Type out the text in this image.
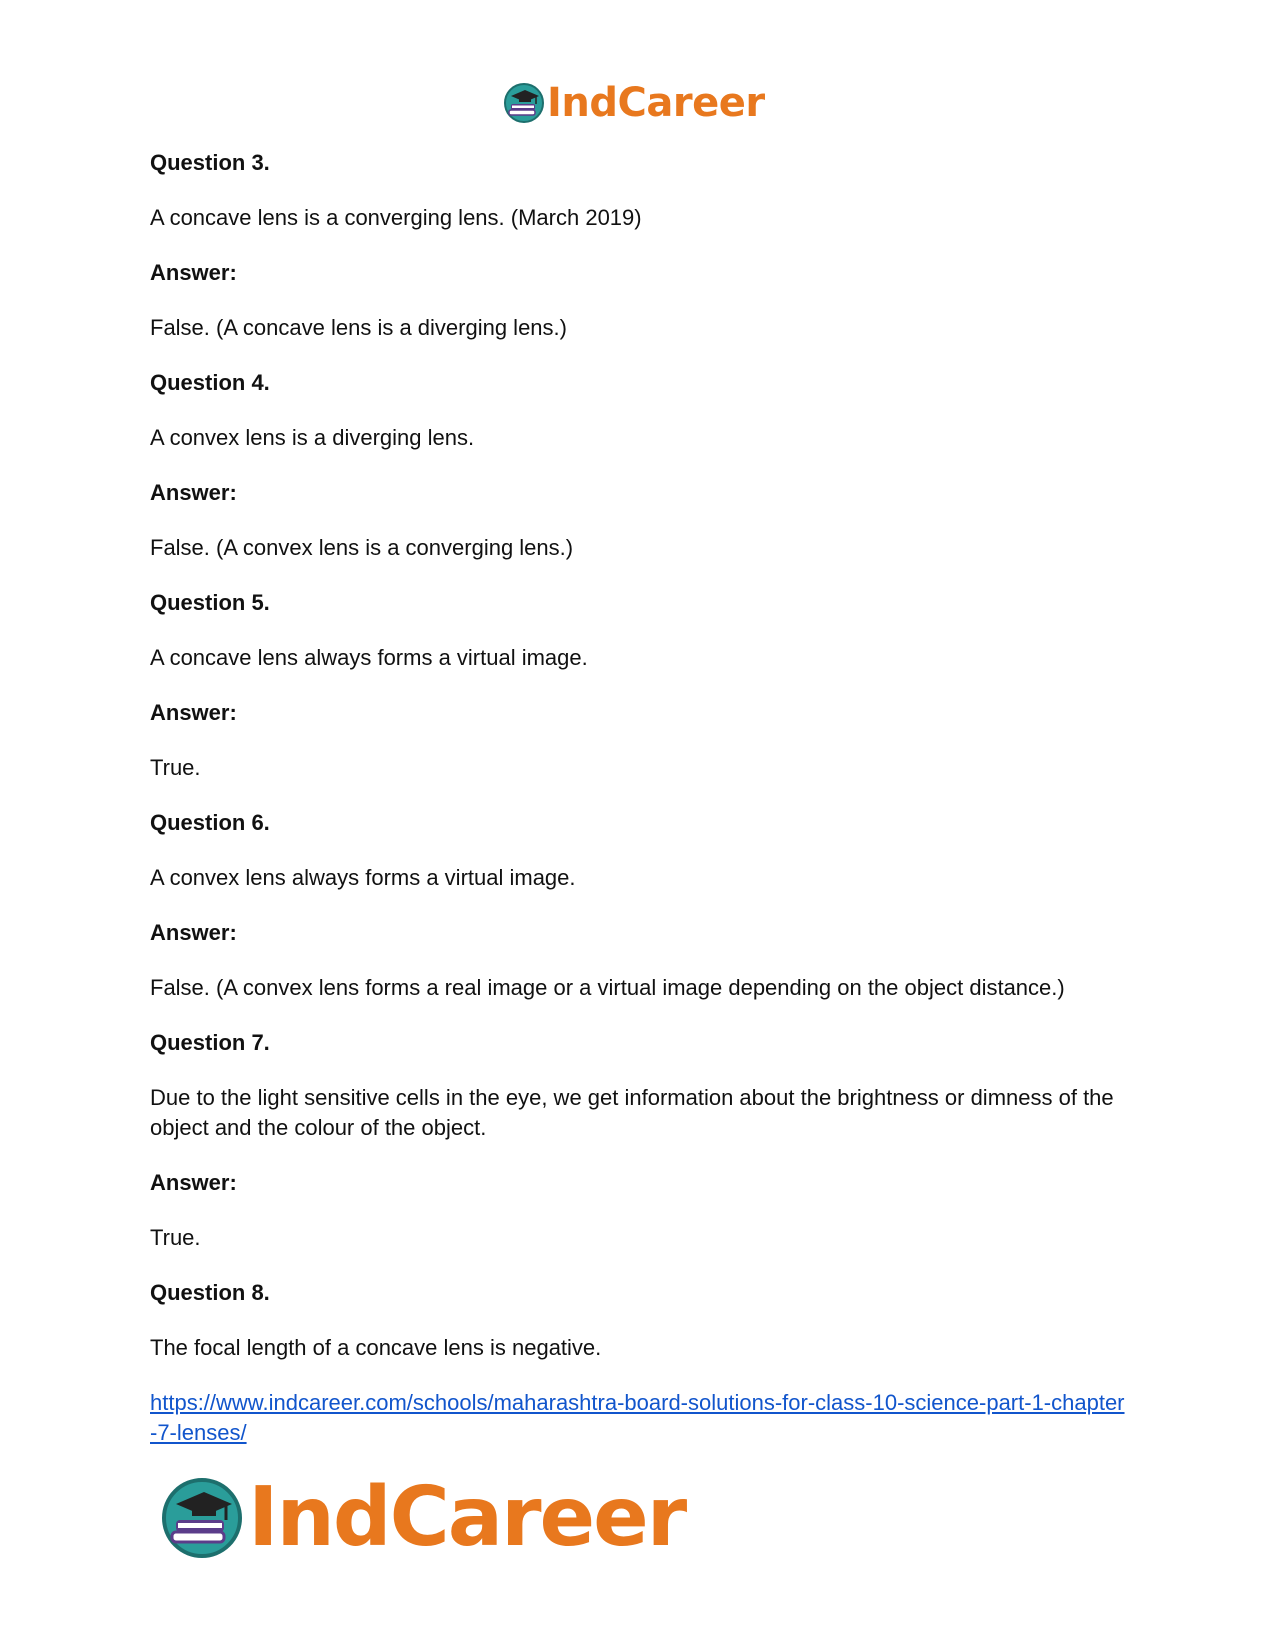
IndCareer

Question 3.

A concave lens is a converging lens. (March 2019)

Answer:

False. (A concave lens is a diverging lens.)

Question 4.

A convex lens is a diverging lens.

Answer:

False. (A convex lens is a converging lens.)

Question 5.

A concave lens always forms a virtual image.

Answer:

True.

Question 6.

A convex lens always forms a virtual image.

Answer:

False. (A convex lens forms a real image or a virtual image depending on the object distance.)

Question 7.

Due to the light sensitive cells in the eye, we get information about the brightness or dimness of the object and the colour of the object.

Answer:

True.

Question 8.

The focal length of a concave lens is negative.

https://www.indcareer.com/schools/maharashtra-board-solutions-for-class-10-science-part-1-chapter-7-lenses/
IndCareer
